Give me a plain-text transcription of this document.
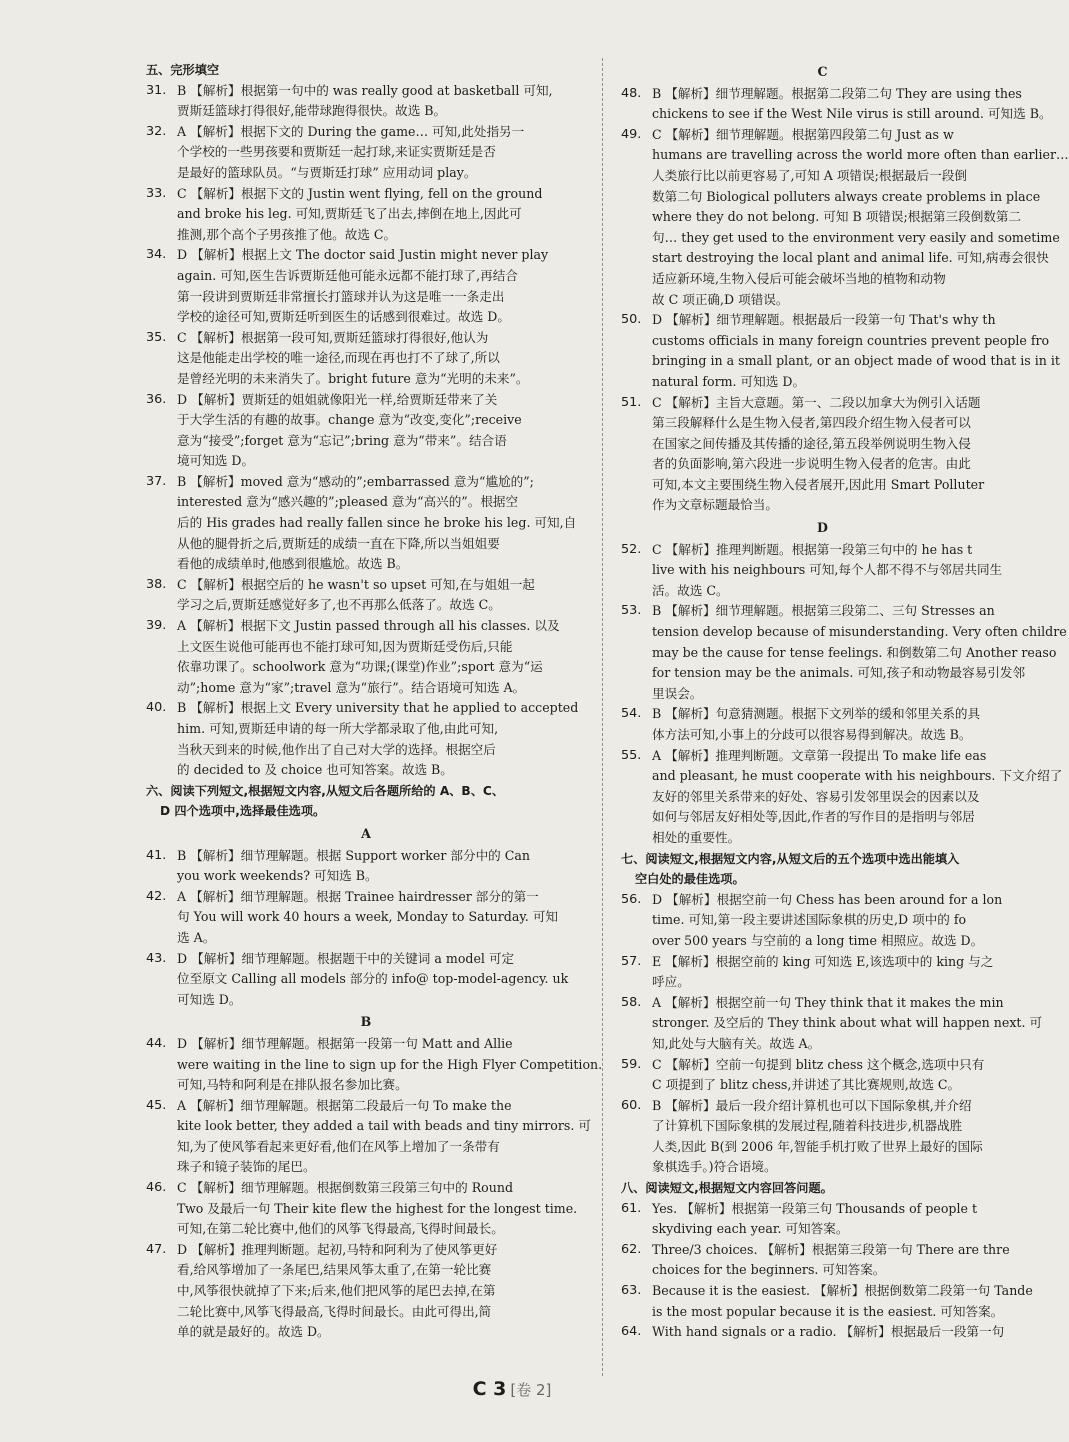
五、完形填空
31. B 【解析】根据第一句中的 was really good at basketball 可知,
贾斯廷篮球打得很好,能带球跑得很快。故选 B。
32. A 【解析】根据下文的 During the game… 可知,此处指另一
个学校的一些男孩要和贾斯廷一起打球,来证实贾斯廷是否
是最好的篮球队员。“与贾斯廷打球” 应用动词 play。
33. C 【解析】根据下文的 Justin went flying, fell on the ground
and broke his leg. 可知,贾斯廷飞了出去,摔倒在地上,因此可
推测,那个高个子男孩推了他。故选 C。
34. D 【解析】根据上文 The doctor said Justin might never play
again. 可知,医生告诉贾斯廷他可能永远都不能打球了,再结合
第一段讲到贾斯廷非常擅长打篮球并认为这是唯一一条走出
学校的途径可知,贾斯廷听到医生的话感到很难过。故选 D。
35. C 【解析】根据第一段可知,贾斯廷篮球打得很好,他认为
这是他能走出学校的唯一途径,而现在再也打不了球了,所以
是曾经光明的未来消失了。bright future 意为“光明的未来”。
36. D 【解析】贾斯廷的姐姐就像阳光一样,给贾斯廷带来了关
于大学生活的有趣的故事。change 意为“改变,变化”;receive
意为“接受”;forget 意为“忘记”;bring 意为“带来”。结合语
境可知选 D。
37. B 【解析】moved 意为“感动的”;embarrassed 意为“尴尬的”;
interested 意为“感兴趣的”;pleased 意为“高兴的”。根据空
后的 His grades had really fallen since he broke his leg. 可知,自
从他的腿骨折之后,贾斯廷的成绩一直在下降,所以当姐姐要
看他的成绩单时,他感到很尴尬。故选 B。
38. C 【解析】根据空后的 he wasn't so upset 可知,在与姐姐一起
学习之后,贾斯廷感觉好多了,也不再那么低落了。故选 C。
39. A 【解析】根据下文 Justin passed through all his classes. 以及
上文医生说他可能再也不能打球可知,因为贾斯廷受伤后,只能
依靠功课了。schoolwork 意为“功课;(课堂)作业”;sport 意为“运
动”;home 意为“家”;travel 意为“旅行”。结合语境可知选 A。
40. B 【解析】根据上文 Every university that he applied to accepted
him. 可知,贾斯廷申请的每一所大学都录取了他,由此可知,
当秋天到来的时候,他作出了自己对大学的选择。根据空后
的 decided to 及 choice 也可知答案。故选 B。
六、阅读下列短文,根据短文内容,从短文后各题所给的 A、B、C、
D 四个选项中,选择最佳选项。
A
41. B 【解析】细节理解题。根据 Support worker 部分中的 Can
you work weekends? 可知选 B。
42. A 【解析】细节理解题。根据 Trainee hairdresser 部分的第一
句 You will work 40 hours a week, Monday to Saturday. 可知
选 A。
43. D 【解析】细节理解题。根据题干中的关键词 a model 可定
位至原文 Calling all models 部分的 info@ top-model-agency. uk
可知选 D。
B
44. D 【解析】细节理解题。根据第一段第一句 Matt and Allie
were waiting in the line to sign up for the High Flyer Competition.
可知,马特和阿利是在排队报名参加比赛。
45. A 【解析】细节理解题。根据第二段最后一句 To make the
kite look better, they added a tail with beads and tiny mirrors. 可
知,为了使风筝看起来更好看,他们在风筝上增加了一条带有
珠子和镜子装饰的尾巴。
46. C 【解析】细节理解题。根据倒数第三段第三句中的 Round
Two 及最后一句 Their kite flew the highest for the longest time.
可知,在第二轮比赛中,他们的风筝飞得最高,飞得时间最长。
47. D 【解析】推理判断题。起初,马特和阿利为了使风筝更好
看,给风筝增加了一条尾巴,结果风筝太重了,在第一轮比赛
中,风筝很快就掉了下来;后来,他们把风筝的尾巴去掉,在第
二轮比赛中,风筝飞得最高,飞得时间最长。由此可得出,简
单的就是最好的。故选 D。
C
48. B 【解析】细节理解题。根据第二段第二句 They are using thes
chickens to see if the West Nile virus is still around. 可知选 B。
49. C 【解析】细节理解题。根据第四段第二句 Just as w
humans are travelling across the world more often than earlier…
人类旅行比以前更容易了,可知 A 项错误;根据最后一段倒
数第二句 Biological polluters always create problems in place
where they do not belong. 可知 B 项错误;根据第三段倒数第二
句… they get used to the environment very easily and sometime
start destroying the local plant and animal life. 可知,病毒会很快
适应新环境,生物入侵后可能会破坏当地的植物和动物
故 C 项正确,D 项错误。
50. D 【解析】细节理解题。根据最后一段第一句 That's why th
customs officials in many foreign countries prevent people fro
bringing in a small plant, or an object made of wood that is in it
natural form. 可知选 D。
51. C 【解析】主旨大意题。第一、二段以加拿大为例引入话题
第三段解释什么是生物入侵者,第四段介绍生物入侵者可以
在国家之间传播及其传播的途径,第五段举例说明生物入侵
者的负面影响,第六段进一步说明生物入侵者的危害。由此
可知,本文主要围绕生物入侵者展开,因此用 Smart Polluter
作为文章标题最恰当。
D
52. C 【解析】推理判断题。根据第一段第三句中的 he has t
live with his neighbours 可知,每个人都不得不与邻居共同生
活。故选 C。
53. B 【解析】细节理解题。根据第三段第二、三句 Stresses an
tension develop because of misunderstanding. Very often childre
may be the cause for tense feelings. 和倒数第二句 Another reaso
for tension may be the animals. 可知,孩子和动物最容易引发邻
里误会。
54. B 【解析】句意猜测题。根据下文列举的缓和邻里关系的具
体方法可知,小事上的分歧可以很容易得到解决。故选 B。
55. A 【解析】推理判断题。文章第一段提出 To make life eas
and pleasant, he must cooperate with his neighbours. 下文介绍了
友好的邻里关系带来的好处、容易引发邻里误会的因素以及
如何与邻居友好相处等,因此,作者的写作目的是指明与邻居
相处的重要性。
七、阅读短文,根据短文内容,从短文后的五个选项中选出能填入
空白处的最佳选项。
56. D 【解析】根据空前一句 Chess has been around for a lon
time. 可知,第一段主要讲述国际象棋的历史,D 项中的 fo
over 500 years 与空前的 a long time 相照应。故选 D。
57. E 【解析】根据空前的 king 可知选 E,该选项中的 king 与之
呼应。
58. A 【解析】根据空前一句 They think that it makes the min
stronger. 及空后的 They think about what will happen next. 可
知,此处与大脑有关。故选 A。
59. C 【解析】空前一句提到 blitz chess 这个概念,选项中只有
C 项提到了 blitz chess,并讲述了其比赛规则,故选 C。
60. B 【解析】最后一段介绍计算机也可以下国际象棋,并介绍
了计算机下国际象棋的发展过程,随着科技进步,机器战胜
人类,因此 B(到 2006 年,智能手机打败了世界上最好的国际
象棋选手。)符合语境。
八、阅读短文,根据短文内容回答问题。
61. Yes. 【解析】根据第一段第三句 Thousands of people t
skydiving each year. 可知答案。
62. Three/3 choices. 【解析】根据第三段第一句 There are thre
choices for the beginners. 可知答案。
63. Because it is the easiest. 【解析】根据倒数第二段第一句 Tande
is the most popular because it is the easiest. 可知答案。
64. With hand signals or a radio. 【解析】根据最后一段第一句
C 3 [卷 2]
